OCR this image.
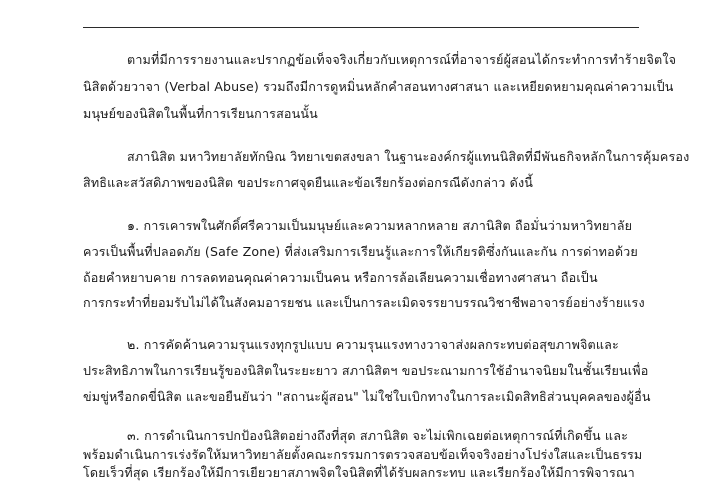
ตามที่มีการรายงานและปรากฏข้อเท็จจริงเกี่ยวกับเหตุการณ์ที่อาจารย์ผู้สอนได้กระทำการทำร้ายจิตใจ
นิสิตด้วยวาจา (Verbal Abuse) รวมถึงมีการดูหมิ่นหลักคำสอนทางศาสนา และเหยียดหยามคุณค่าความเป็น
มนุษย์ของนิสิตในพื้นที่การเรียนการสอนนั้น
สภานิสิต มหาวิทยาลัยทักษิณ วิทยาเขตสงขลา ในฐานะองค์กรผู้แทนนิสิตที่มีพันธกิจหลักในการคุ้มครอง
สิทธิและสวัสดิภาพของนิสิต ขอประกาศจุดยืนและข้อเรียกร้องต่อกรณีดังกล่าว ดังนี้
๑. การเคารพในศักดิ์ศรีความเป็นมนุษย์และความหลากหลาย สภานิสิต ถือมั่นว่ามหาวิทยาลัย
ควรเป็นพื้นที่ปลอดภัย (Safe Zone) ที่ส่งเสริมการเรียนรู้และการให้เกียรติซึ่งกันและกัน การด่าทอด้วย
ถ้อยคำหยาบคาย การลดทอนคุณค่าความเป็นคน หรือการล้อเลียนความเชื่อทางศาสนา ถือเป็น
การกระทำที่ยอมรับไม่ได้ในสังคมอารยชน และเป็นการละเมิดจรรยาบรรณวิชาชีพอาจารย์อย่างร้ายแรง
๒. การคัดค้านความรุนแรงทุกรูปแบบ ความรุนแรงทางวาจาส่งผลกระทบต่อสุขภาพจิตและ
ประสิทธิภาพในการเรียนรู้ของนิสิตในระยะยาว สภานิสิตฯ ขอประณามการใช้อำนาจนิยมในชั้นเรียนเพื่อ
ข่มขู่หรือกดขี่นิสิต และขอยืนยันว่า "สถานะผู้สอน" ไม่ใช่ใบเบิกทางในการละเมิดสิทธิส่วนบุคคลของผู้อื่น
๓. การดำเนินการปกป้องนิสิตอย่างถึงที่สุด สภานิสิต จะไม่เพิกเฉยต่อเหตุการณ์ที่เกิดขึ้น และ
พร้อมดำเนินการเร่งรัดให้มหาวิทยาลัยตั้งคณะกรรมการตรวจสอบข้อเท็จจริงอย่างโปร่งใสและเป็นธรรม
โดยเร็วที่สุด เรียกร้องให้มีการเยียวยาสภาพจิตใจนิสิตที่ได้รับผลกระทบ และเรียกร้องให้มีการพิจารณา
